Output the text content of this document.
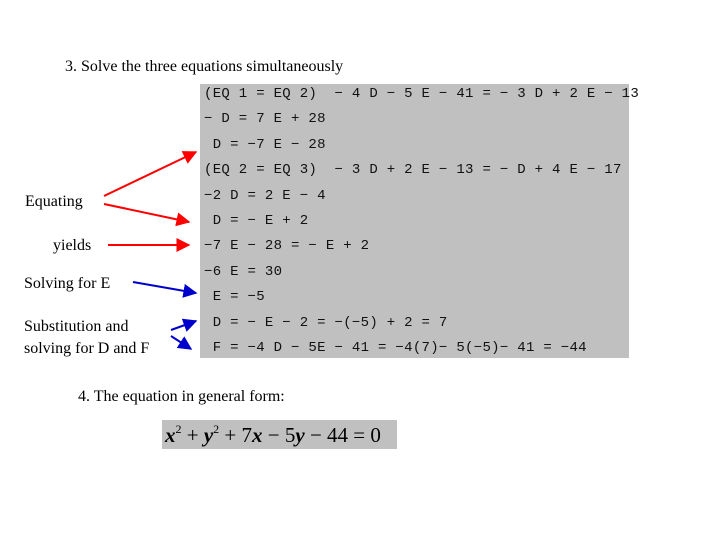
3. Solve the three equations simultaneously
(EQ 1 = EQ 2)  − 4 D − 5 E − 41 = − 3 D + 2 E − 13
− D = 7 E + 28
D = −7 E − 28
(EQ 2 = EQ 3)  − 3 D + 2 E − 13 = − D + 4 E − 17
−2 D = 2 E − 4
D = − E + 2
−7 E − 28 = − E + 2
−6 E = 30
E = −5
D = − E − 2 = −(−5) + 2 = 7
F = −4 D − 5E − 41 = −4(7)− 5(−5)− 41 = −44
Equating
yields
Solving for E
Substitution and
solving for D and F
4. The equation in general form:
$x^2 + y^2 + 7x - 5y - 44 = 0$
